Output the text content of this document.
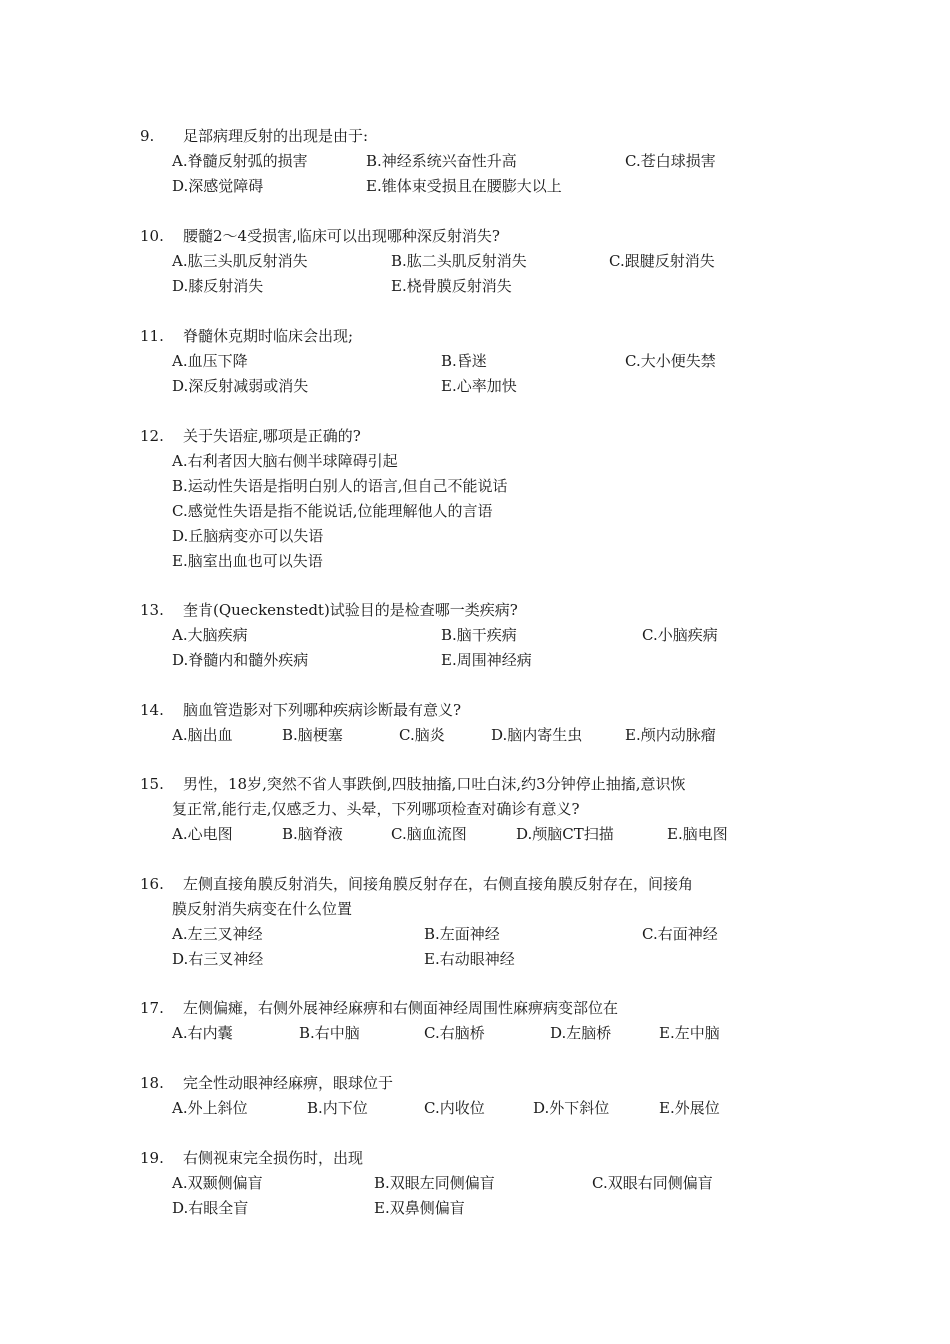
9. 足部病理反射的出现是由于:
A.脊髓反射弧的损害	B.神经系统兴奋性升高	C.苍白球损害
D.深感觉障碍	E.锥体束受损且在腰膨大以上
10. 腰髓2～4受损害,临床可以出现哪种深反射消失?
A.肱三头肌反射消失	B.肱二头肌反射消失	C.跟腱反射消失
D.膝反射消失	E.桡骨膜反射消失
11. 脊髓休克期时临床会出现;
A.血压下降	B.昏迷	C.大小便失禁
D.深反射减弱或消失	E.心率加快
12. 关于失语症,哪项是正确的?
A.右利者因大脑右侧半球障碍引起
B.运动性失语是指明白别人的语言,但自己不能说话
C.感觉性失语是指不能说话,位能理解他人的言语
D.丘脑病变亦可以失语
E.脑室出血也可以失语
13. 奎肯(Queckenstedt)试验目的是检查哪一类疾病?
A.大脑疾病	B.脑干疾病	C.小脑疾病
D.脊髓内和髓外疾病	E.周围神经病
14. 脑血管造影对下列哪种疾病诊断最有意义?
A.脑出血	B.脑梗塞	C.脑炎	D.脑内寄生虫	E.颅内动脉瘤
15. 男性，18岁,突然不省人事跌倒,四肢抽搐,口吐白沫,约3分钟停止抽搐,意识恢
复正常,能行走,仅感乏力、头晕，下列哪项检查对确诊有意义?
A.心电图	B.脑脊液	C.脑血流图	D.颅脑CT扫描	E.脑电图
16. 左侧直接角膜反射消失，间接角膜反射存在，右侧直接角膜反射存在，间接角
膜反射消失病变在什么位置
A.左三叉神经	B.左面神经	C.右面神经
D.右三叉神经	E.右动眼神经
17. 左侧偏瘫，右侧外展神经麻痹和右侧面神经周围性麻痹病变部位在
A.右内囊	B.右中脑	C.右脑桥	D.左脑桥	E.左中脑
18. 完全性动眼神经麻痹，眼球位于
A.外上斜位	B.内下位	C.内收位	D.外下斜位	E.外展位
19. 右侧视束完全损伤时，出现
A.双颞侧偏盲	B.双眼左同侧偏盲	C.双眼右同侧偏盲
D.右眼全盲	E.双鼻侧偏盲
